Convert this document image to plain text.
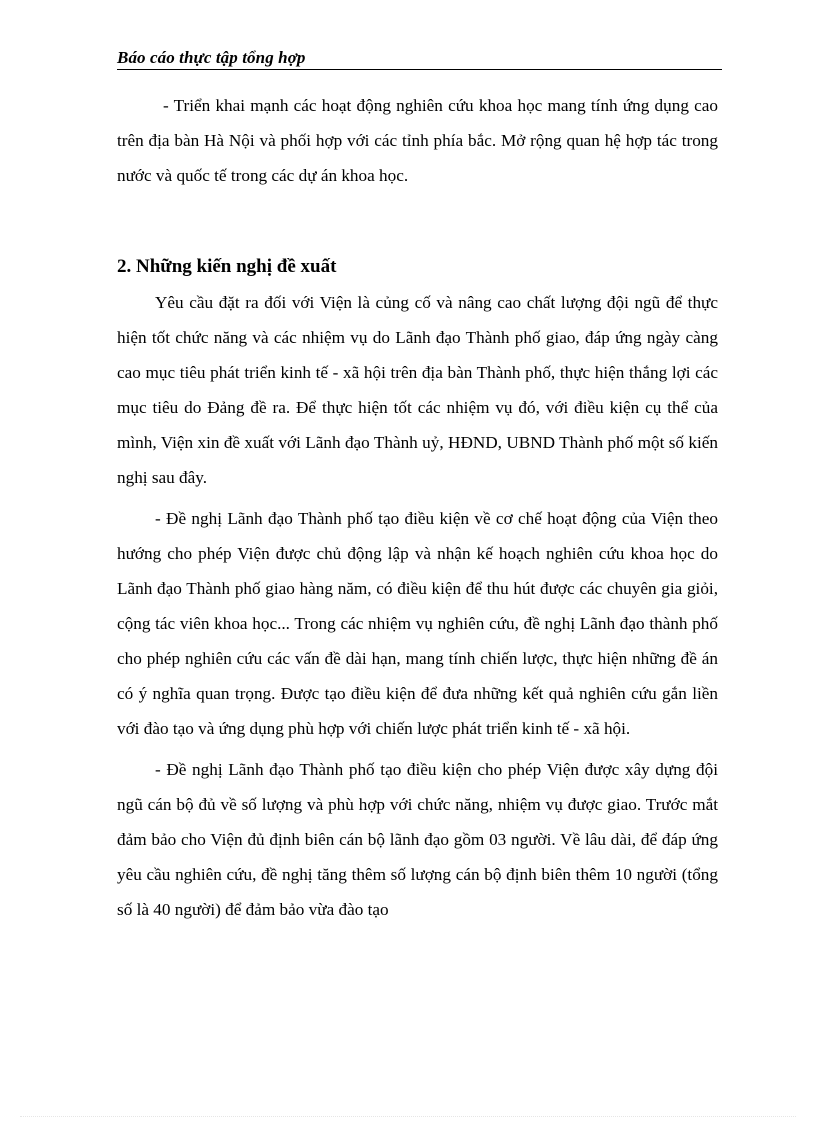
Báo cáo thực tập tổng hợp

- Triển khai mạnh các hoạt động nghiên cứu khoa học mang tính ứng dụng cao trên địa bàn Hà Nội và phối hợp với các tỉnh phía bắc. Mở rộng quan hệ hợp tác trong nước và quốc tế trong các dự án khoa học.

2. Những kiến nghị đề xuất

Yêu cầu đặt ra đối với Viện là củng cố và nâng cao chất lượng đội ngũ để thực hiện tốt chức năng và các nhiệm vụ do Lãnh đạo Thành phố giao, đáp ứng ngày càng cao mục tiêu phát triển kinh tế - xã hội trên địa bàn Thành phố, thực hiện thắng lợi các mục tiêu do Đảng đề ra. Để thực hiện tốt các nhiệm vụ đó, với điều kiện cụ thể của mình, Viện xin đề xuất với Lãnh đạo Thành uỷ, HĐND, UBND Thành phố một số kiến nghị sau đây.

- Đề nghị Lãnh đạo Thành phố tạo điều kiện về cơ chế hoạt động của Viện theo hướng cho phép Viện được chủ động lập và nhận kế hoạch nghiên cứu khoa học do Lãnh đạo Thành phố giao hàng năm, có điều kiện để thu hút được các chuyên gia giỏi, cộng tác viên khoa học... Trong các nhiệm vụ nghiên cứu, đề nghị Lãnh đạo thành phố cho phép nghiên cứu các vấn đề dài hạn, mang tính chiến lược, thực hiện những đề án có ý nghĩa quan trọng. Được tạo điều kiện để đưa những kết quả nghiên cứu gắn liền với đào tạo và ứng dụng phù hợp với chiến lược phát triển kinh tế - xã hội.

- Đề nghị Lãnh đạo Thành phố tạo điều kiện cho phép Viện được xây dựng đội ngũ cán bộ đủ về số lượng và phù hợp với chức năng, nhiệm vụ được giao. Trước mắt đảm bảo cho Viện đủ định biên cán bộ lãnh đạo gồm 03 người. Về lâu dài, để đáp ứng yêu cầu nghiên cứu, đề nghị tăng thêm số lượng cán bộ định biên thêm 10 người (tổng số là 40 người) để đảm bảo vừa đào tạo
